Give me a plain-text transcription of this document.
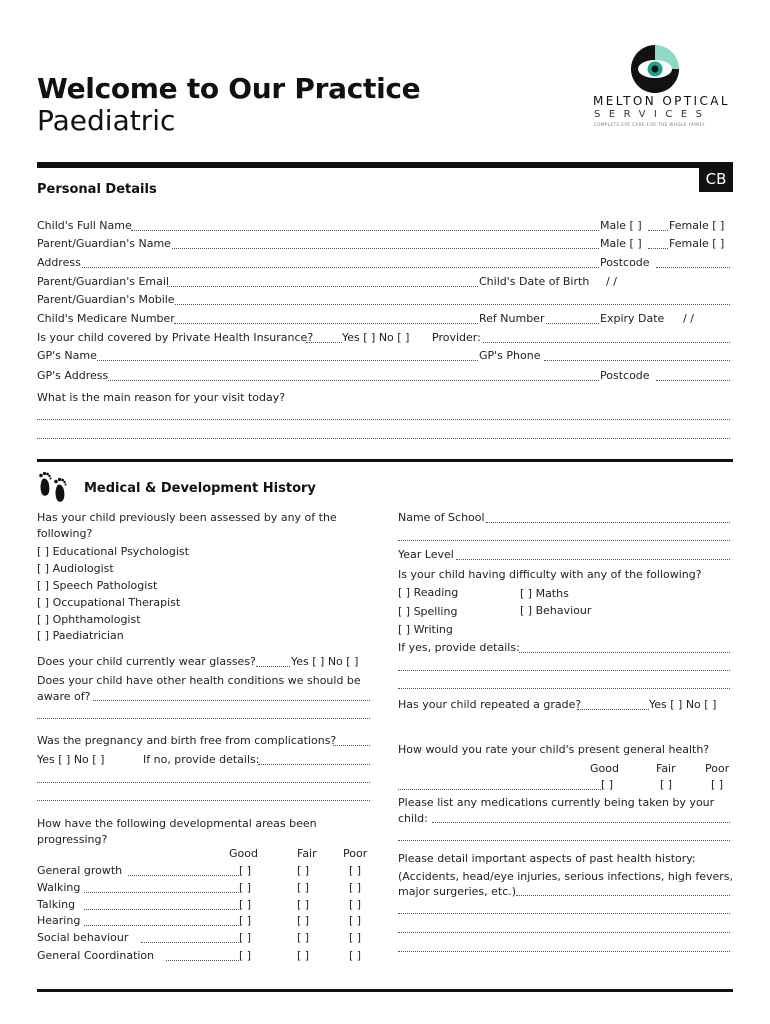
Welcome to Our Practice
Paediatric
MELTON OPTICAL
SERVICES
COMPLETE EYE CARE FOR THE WHOLE FAMILY
CB
Personal Details
Child's Full Name	Male [ ] Female [ ]
Parent/Guardian's Name	Male [ ] Female [ ]
Address	Postcode
Parent/Guardian's Email	Child's Date of Birth / /
Parent/Guardian's Mobile
Child's Medicare Number	Ref Number	Expiry Date / /
Is your child covered by Private Health Insurance?	Yes [ ] No [ ] Provider:
GP's Name	GP's Phone
GP's Address	Postcode
What is the main reason for your visit today?
Medical & Development History
Has your child previously been assessed by any of the
following?
[ ] Educational Psychologist
[ ] Audiologist
[ ] Speech Pathologist
[ ] Occupational Therapist
[ ] Ophthamologist
[ ] Paediatrician
Does your child currently wear glasses?	Yes [ ] No [ ]
Does your child have other health conditions we should be
aware of?
Was the pregnancy and birth free from complications?
Yes [ ] No [ ]	If no, provide details:
How have the following developmental areas been
progressing?
Good	Fair Poor
General growth	[ ]	[ ]	[ ]
Walking	[ ]	[ ]	[ ]
Talking	[ ]	[ ]	[ ]
Hearing	[ ]	[ ]	[ ]
Social behaviour	[ ]	[ ]	[ ]
General Coordination	[ ]	[ ]	[ ]
Name of School
Year Level
Is your child having difficulty with any of the following?
[ ] Reading	[ ] Maths
[ ] Spelling	[ ] Behaviour
[ ] Writing
If yes, provide details:
Has your child repeated a grade?	Yes [ ] No [ ]
How would you rate your child's present general health?
Good	Fair	Poor
[ ]	[ ]	[ ]
Please list any medications currently being taken by your
child:
Please detail important aspects of past health history:
(Accidents, head/eye injuries, serious infections, high fevers,
major surgeries, etc.)
